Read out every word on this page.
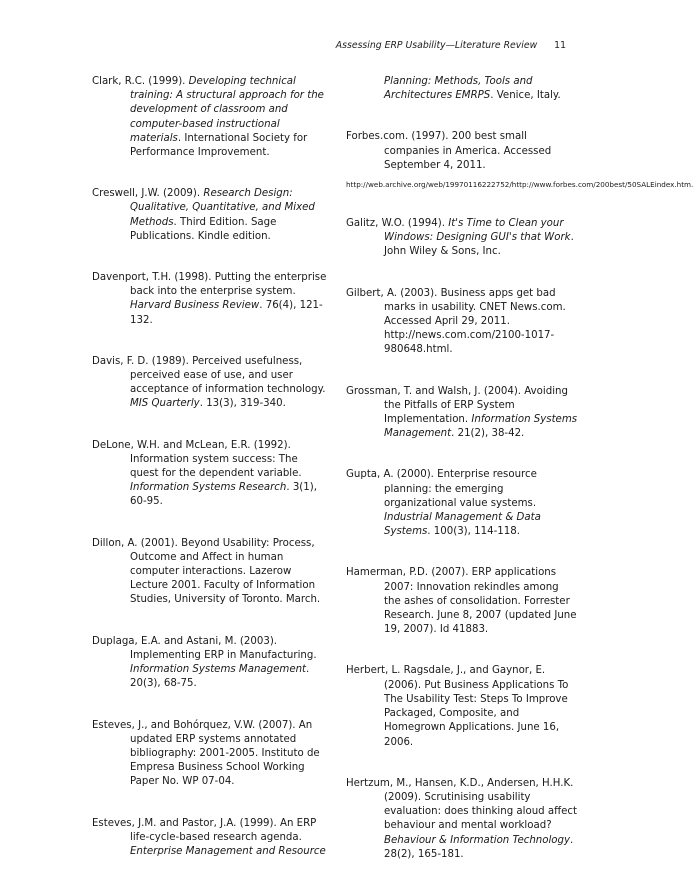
Assessing ERP Usability—Literature Review 11

Clark, R.C. (1999). Developing technical training: A structural approach for the development of classroom and computer-based instructional materials. International Society for Performance Improvement.

Creswell, J.W. (2009). Research Design: Qualitative, Quantitative, and Mixed Methods. Third Edition. Sage Publications. Kindle edition.

Davenport, T.H. (1998). Putting the enterprise back into the enterprise system. Harvard Business Review. 76(4), 121-132.

Davis, F. D. (1989). Perceived usefulness, perceived ease of use, and user acceptance of information technology. MIS Quarterly. 13(3), 319-340.

DeLone, W.H. and McLean, E.R. (1992). Information system success: The quest for the dependent variable. Information Systems Research. 3(1), 60-95.

Dillon, A. (2001). Beyond Usability: Process, Outcome and Affect in human computer interactions. Lazerow Lecture 2001. Faculty of Information Studies, University of Toronto. March.

Duplaga, E.A. and Astani, M. (2003). Implementing ERP in Manufacturing. Information Systems Management. 20(3), 68-75.

Esteves, J., and Bohórquez, V.W. (2007). An updated ERP systems annotated bibliography: 2001-2005. Instituto de Empresa Business School Working Paper No. WP 07-04.

Esteves, J.M. and Pastor, J.A. (1999). An ERP life-cycle-based research agenda. Enterprise Management and Resource

Planning: Methods, Tools and Architectures EMRPS. Venice, Italy.

Forbes.com. (1997). 200 best small companies in America. Accessed September 4, 2011.
http://web.archive.org/web/19970116222752/http://www.forbes.com/200best/50SALEindex.htm.

Galitz, W.O. (1994). It's Time to Clean your Windows: Designing GUI's that Work. John Wiley & Sons, Inc.

Gilbert, A. (2003). Business apps get bad marks in usability. CNET News.com. Accessed April 29, 2011. http://news.com.com/2100-1017-980648.html.

Grossman, T. and Walsh, J. (2004). Avoiding the Pitfalls of ERP System Implementation. Information Systems Management. 21(2), 38-42.

Gupta, A. (2000). Enterprise resource planning: the emerging organizational value systems. Industrial Management & Data Systems. 100(3), 114-118.

Hamerman, P.D. (2007). ERP applications 2007: Innovation rekindles among the ashes of consolidation. Forrester Research. June 8, 2007 (updated June 19, 2007). Id 41883.

Herbert, L. Ragsdale, J., and Gaynor, E. (2006). Put Business Applications To The Usability Test: Steps To Improve Packaged, Composite, and Homegrown Applications. June 16, 2006.

Hertzum, M., Hansen, K.D., Andersen, H.H.K. (2009). Scrutinising usability evaluation: does thinking aloud affect behaviour and mental workload? Behaviour & Information Technology. 28(2), 165-181.
